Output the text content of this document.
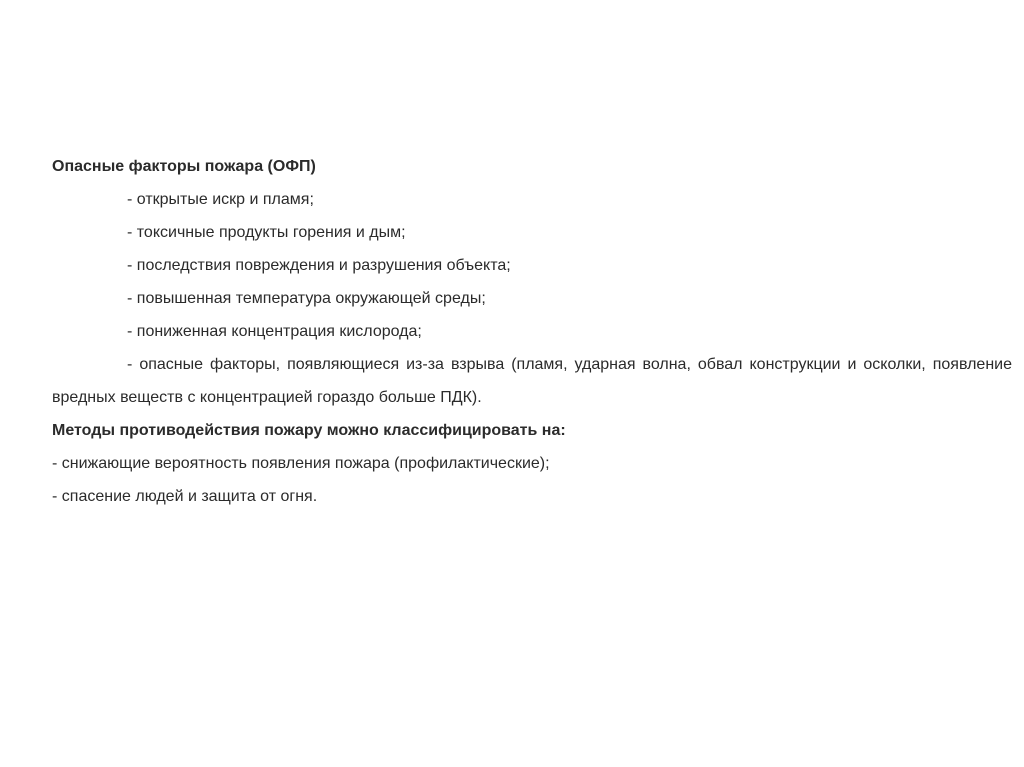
Опасные факторы пожара (ОФП)

- открытые искр и пламя;

- токсичные продукты горения и дым;

- последствия повреждения и разрушения объекта;

- повышенная температура окружающей среды;

- пониженная концентрация кислорода;

- опасные факторы, появляющиеся из-за взрыва (пламя, ударная волна, обвал конструкции и осколки, появление вредных веществ с концентрацией гораздо больше ПДК).

Методы противодействия пожару можно классифицировать на:

- снижающие вероятность появления пожара (профилактические);

- спасение людей и защита от огня.
